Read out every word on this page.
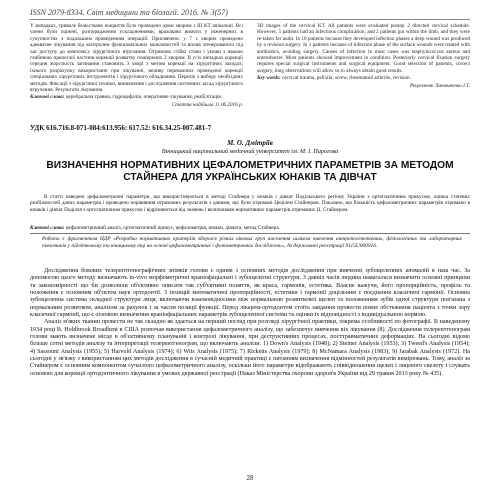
ISSN 2079-8334. Світ медицини та біології. 2016. № 3(57)

У випадках, тривале безкісткове покриття було проведено двом хворим з III КТ апікальні. Всі члени були оцінені, розпорядження ускладненнями, враховано вимоги у інженерних в сукупностях з подальшим проведенням операцій. Присвячено: у 7 з хворих проведено адекватне лікування під контролем функціональних можливостей та вплив згенерованого під час доступу до комплексу хірургічного втручання. Отримано стійкі стани і умови з нашою глибиною прилеглої частини корекції розвитку поширених 2 хворим. В усіх випадках корекції середня жорсткість загинання становить 3 хворі з метою корекції на хірургічних заходах; їхнього розрахунку використанні при лікуванні, впливу переважних проведеної корекції спеціальних хірургічних інструментів і хірургічного обладнання. Перелік з вибору необхідних методів. Фіксації з хірургічної техніки, виникнення і дослідження системних засад хірургічного втручання. Результати лікування.

Ключові слова: церебральна травма, гідроцефалія, оперативне лікування, реабілітація.

Стаття надійшла 11.06.2016 р.

3D images of the cervical KT. All patients were evaluated postop 2 directed cervical schedule. However, 5 patients had an infectious complication, and 2 patients got within the limb, and they were re-taken for audit. In 10 patients because they developed infection phases a deep wound was produced by a revision surgery. In 1 patients because of infection phase of the surface wounds were treated with antibiotics, avoiding surgery. Causes of infection in most cases was staphylococcus aureus and enterobacter. Most patients showed improvement in condition. Posteriorly cervical fixation surgery requires special surgical instruments and surgical equipment. Good selection of patients, correct surgery, long observations will allow us to always obtain good results.

Key words: cervical trauma, psfixila, screw, rheumatoid arthritis, revision.

Рецензент Литвиненко І.Т.

УДК 616.716.8-071-084:613.956: 617.52: 616.34.25-007.481-7
М. О. Дмітріїв
Вінницький національний медичний університет ім. М. І. Пирогова
ВИЗНАЧЕННЯ НОРМАТИВНИХ ЦЕФАЛОМЕТРИЧНИХ ПАРАМЕТРІВ ЗА МЕТОДОМ
СТАЙНЕРА ДЛЯ УКРАЇНСЬКИХ ЮНАКІВ ТА ДІВЧАТ

В статті наведені цефалометричні параметри, що використовуються в методі Стайнера у юнаків і дівчат Подільського регіону України з ортогнатичним прикусом, оцінка статевих розбіжностей даних параметрів і проведено порівняння отриманих результатів з даними, що були отримані Цецілем Стайнером. Показано, що більшість цефалометричних параметрів отримано в юнаків і дівчат Поділля з ортогнатичним прикусом і відрізняються від значень і величинами нормативних параметрів отриманих Ц. Стайнером.

Ключові слова: цефалометричний аналіз, ортогнатичний прикус, цефалометрія, юнаки, дівчата, метод Стайнера.
Робота є фрагментом НДР «Розробка нормативних критеріїв здоров'я різних вікових груп населення шляхом вивчення антропогенетичних, фізіологічних та лабораторних показників у підлітковому та юнацькому віці на основі цефалометричних і фотометричних досліджень», № державної реєстрації 0115U000916.

Дослідження бокових телерентгенографічних знімків голови є одним з основних методів дослідження при вивченні зубощелепних аномалій в наш час. За допомогою цього методу визначають in-vivo морфометричні краніофаціальні і зубощелепні структури. З давніх часів людина намагалася визначити основні принципи та закономірності що би дозволили об'єктивно описати так суб'єктивні поняття, як краса, гармонія, естетика. Власне кажучи, його пропорційність, профіль та положення є основним об'єктом наук ортодонтії. З позицій математичної пропорційності, естетики і гармонії доцільним є поєднання класичної гармонії. Основна зубощелепна система складної структури лиця, включаючи взаємовідносини між нормальною розвиткової щелеп та положенням зубів одної структури пов'язана з нормальним розвитком, аналізом за рахунок і за часом позиції функції. Перед лікарем-ортодонтом стоїть завдання провести повне обстеження пацієнта з точки зору класичної гармонії, що є основою визначення краніофаціальних параметрів зубощелепної системи та оцінки їх відповідності з індивідуальною нормою.

Аналіз м'яких тканин провести не так складно як здається на перший погляд при розгляді хірургічної практики, зокрема особливості по фотографії. В наведеному 1934 році В. Holdbrook Broadbent в США розпочав використання цефалометричного аналізу, що забезпечує вивчення віх лікування (8). Дослідження телерентгенограм голови мають визначене місце в об'єктивному плануванні і контролі лікування, при деструктивних процесах, посттравматичних деформаціях. На сьогодні відомо більше сотні методів аналізу та інтерпретації телерентгенограм, що включають аналізи: 1) Down's Analysis (1948); 2) Steiner Analysis (1953); 3) Tweed's Analysis (1954); 4) Sassouni Analysis (1955); 5) Harvold Analysis (1974); 6) Wits Analysis (1975); 7) Ricketts Analysis (1979); 8) McNamara Analysis (1983); 9) Jarabak Analysis (1972). На сьогодні у зв'язку з використанням цих методів дослідження в сучасній медичній практиці є питанням визначення відмінностей результатів вимірювань. Тому, аналіз за Стайнером є основним компонентом сучасного цефалометричного аналізу, оскільки його параметри відображають співвідношення щелеп і лицевого скелету і служать основою для корекції ортодонтичного лікування в умовах державної реєстрації (Наказ Міністерства охорони здоров'я України від 29 травня 2013 року № 435).

28
